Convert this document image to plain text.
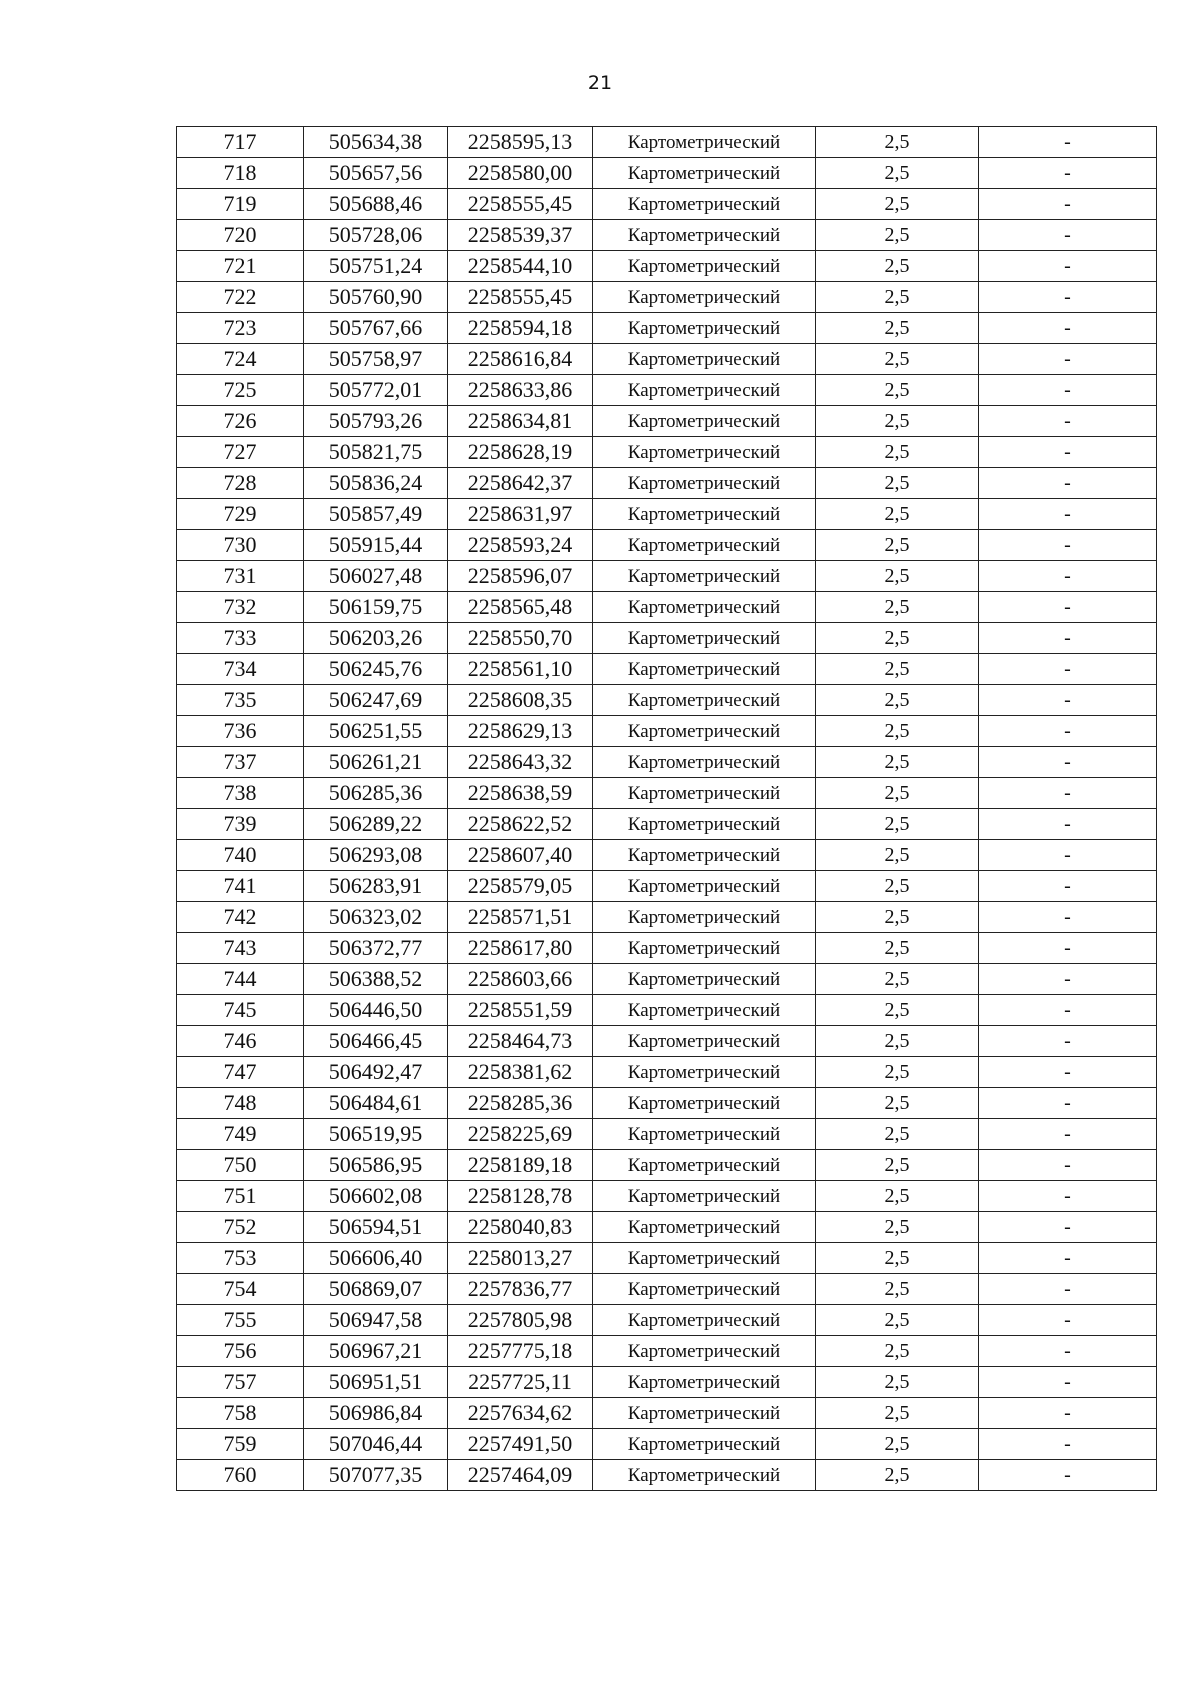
21
717	505634,38	2258595,13	Картометрический	2,5	-
718	505657,56	2258580,00	Картометрический	2,5	-
719	505688,46	2258555,45	Картометрический	2,5	-
720	505728,06	2258539,37	Картометрический	2,5	-
721	505751,24	2258544,10	Картометрический	2,5	-
722	505760,90	2258555,45	Картометрический	2,5	-
723	505767,66	2258594,18	Картометрический	2,5	-
724	505758,97	2258616,84	Картометрический	2,5	-
725	505772,01	2258633,86	Картометрический	2,5	-
726	505793,26	2258634,81	Картометрический	2,5	-
727	505821,75	2258628,19	Картометрический	2,5	-
728	505836,24	2258642,37	Картометрический	2,5	-
729	505857,49	2258631,97	Картометрический	2,5	-
730	505915,44	2258593,24	Картометрический	2,5	-
731	506027,48	2258596,07	Картометрический	2,5	-
732	506159,75	2258565,48	Картометрический	2,5	-
733	506203,26	2258550,70	Картометрический	2,5	-
734	506245,76	2258561,10	Картометрический	2,5	-
735	506247,69	2258608,35	Картометрический	2,5	-
736	506251,55	2258629,13	Картометрический	2,5	-
737	506261,21	2258643,32	Картометрический	2,5	-
738	506285,36	2258638,59	Картометрический	2,5	-
739	506289,22	2258622,52	Картометрический	2,5	-
740	506293,08	2258607,40	Картометрический	2,5	-
741	506283,91	2258579,05	Картометрический	2,5	-
742	506323,02	2258571,51	Картометрический	2,5	-
743	506372,77	2258617,80	Картометрический	2,5	-
744	506388,52	2258603,66	Картометрический	2,5	-
745	506446,50	2258551,59	Картометрический	2,5	-
746	506466,45	2258464,73	Картометрический	2,5	-
747	506492,47	2258381,62	Картометрический	2,5	-
748	506484,61	2258285,36	Картометрический	2,5	-
749	506519,95	2258225,69	Картометрический	2,5	-
750	506586,95	2258189,18	Картометрический	2,5	-
751	506602,08	2258128,78	Картометрический	2,5	-
752	506594,51	2258040,83	Картометрический	2,5	-
753	506606,40	2258013,27	Картометрический	2,5	-
754	506869,07	2257836,77	Картометрический	2,5	-
755	506947,58	2257805,98	Картометрический	2,5	-
756	506967,21	2257775,18	Картометрический	2,5	-
757	506951,51	2257725,11	Картометрический	2,5	-
758	506986,84	2257634,62	Картометрический	2,5	-
759	507046,44	2257491,50	Картометрический	2,5	-
760	507077,35	2257464,09	Картометрический	2,5	-
